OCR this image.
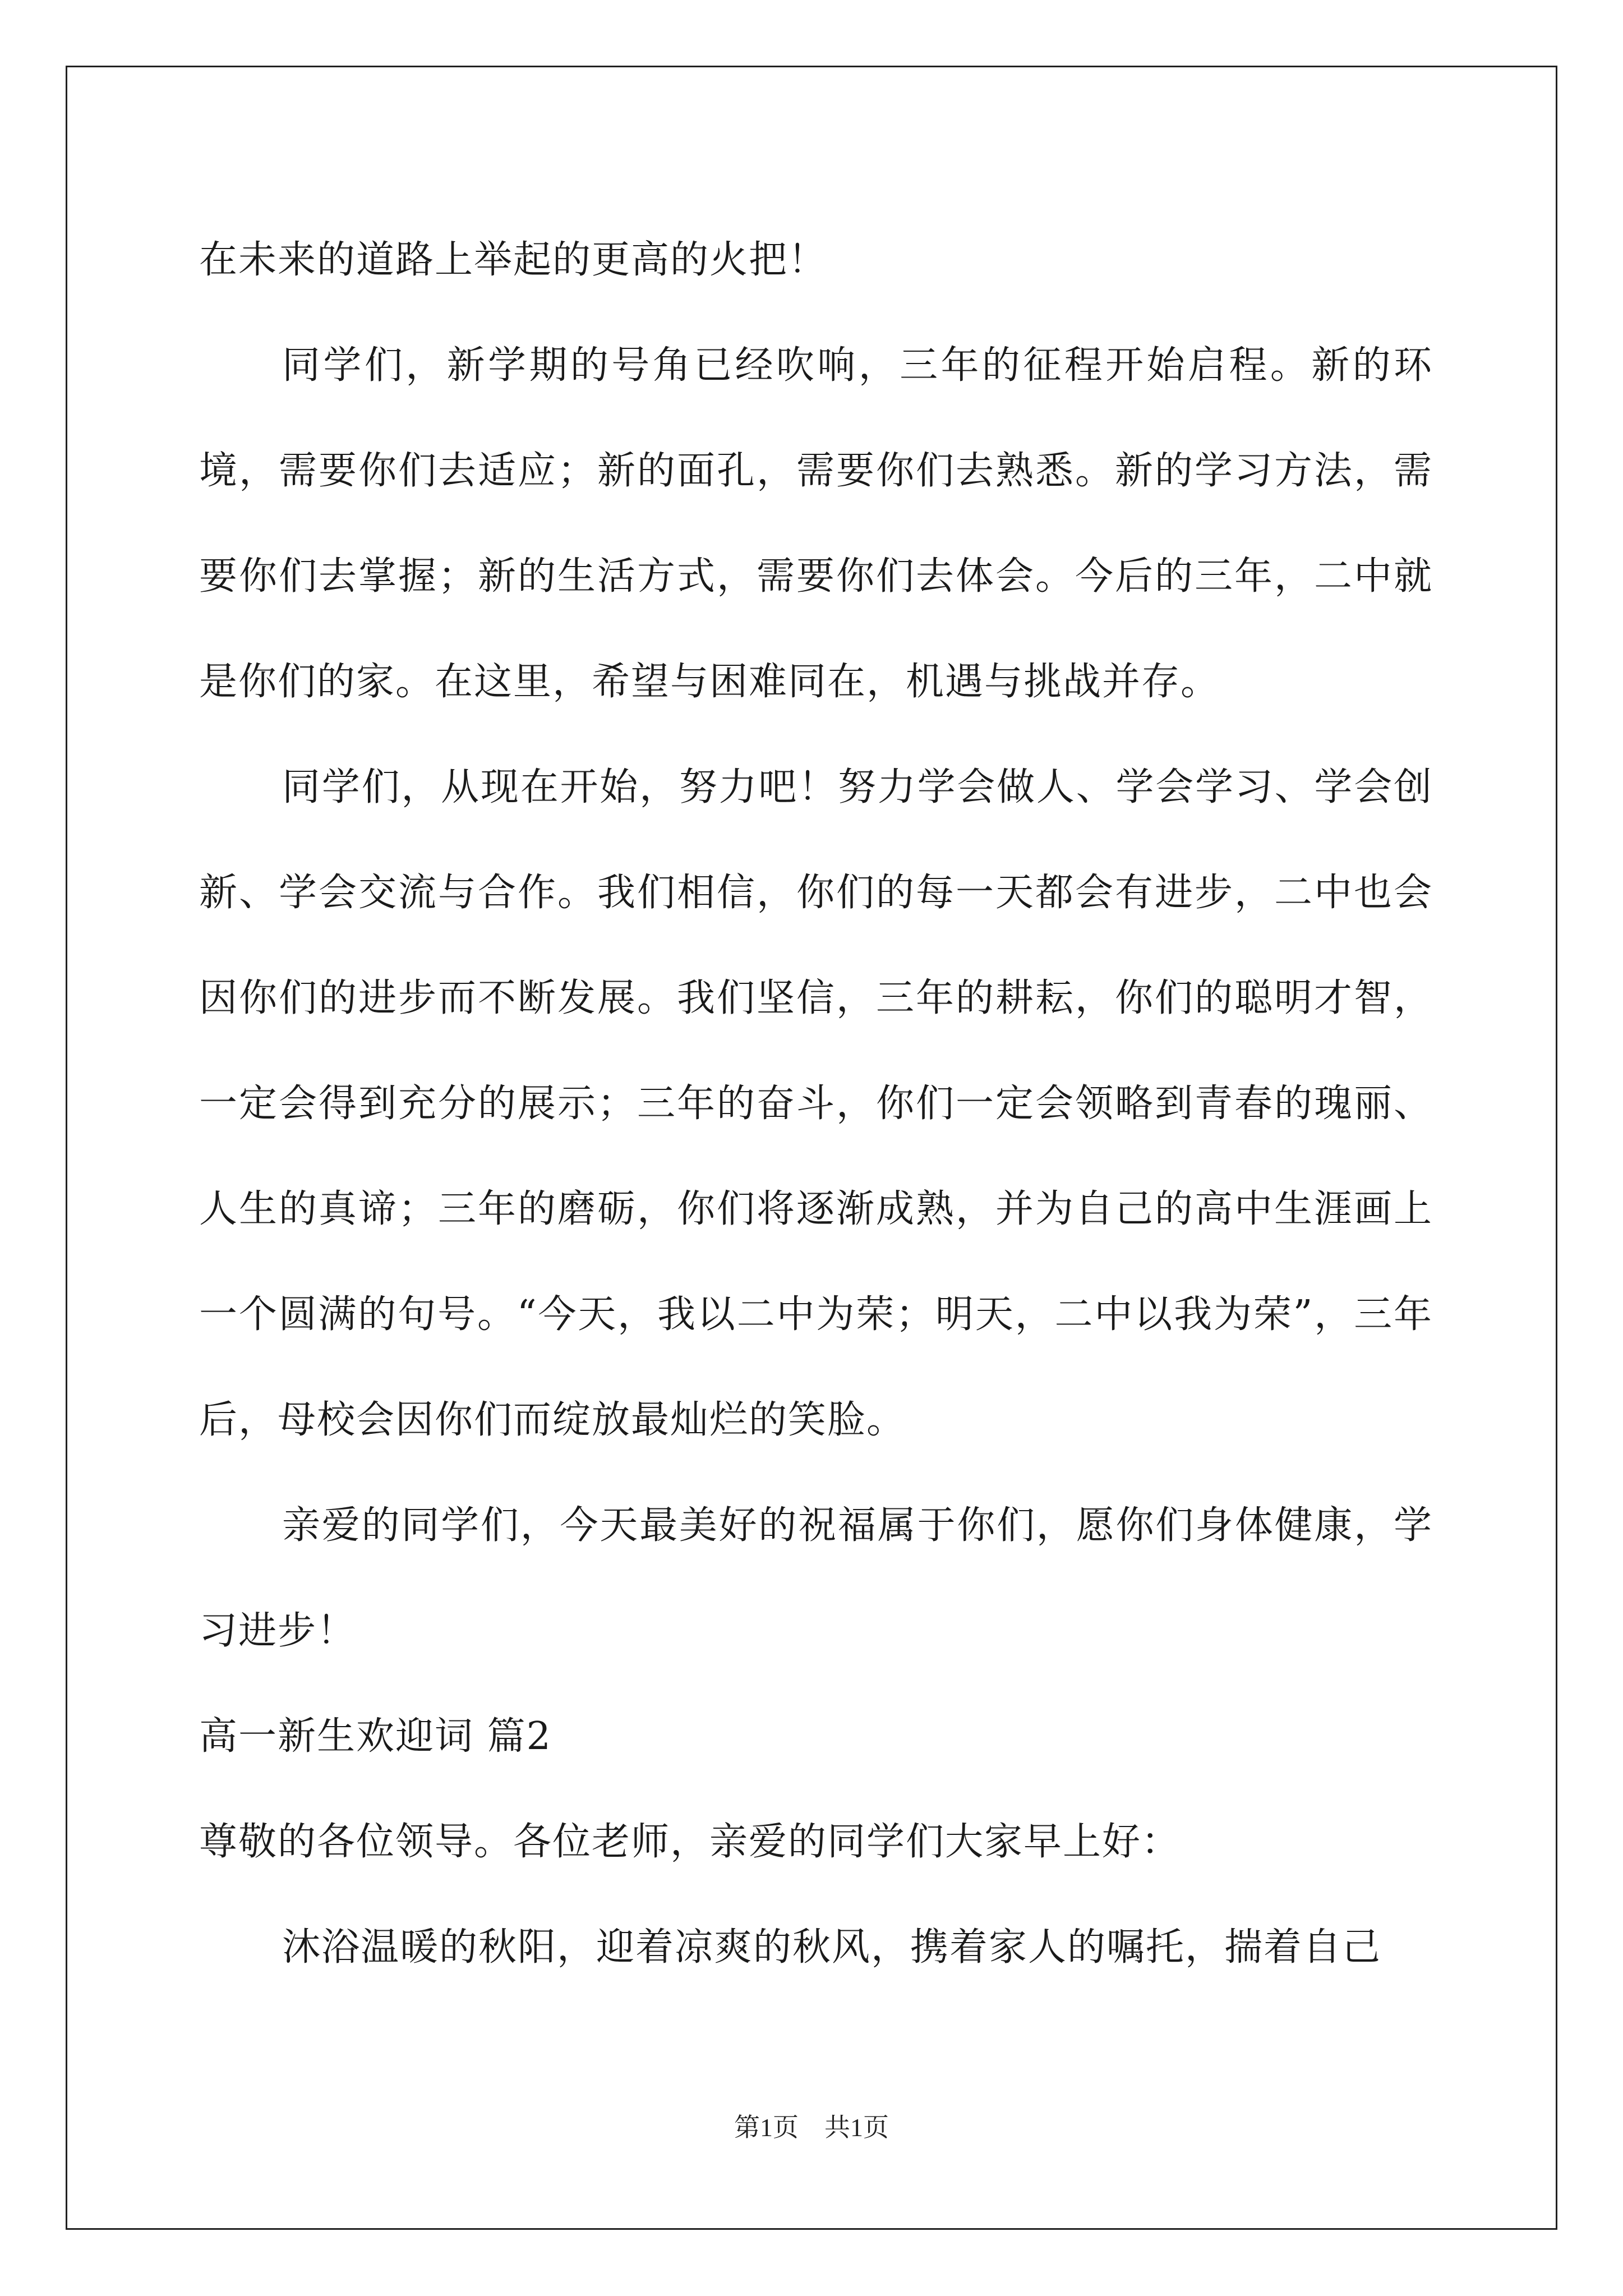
在未来的道路上举起的更高的火把！

同学们，新学期的号角已经吹响，三年的征程开始启程。新的环境，需要你们去适应；新的面孔，需要你们去熟悉。新的学习方法，需要你们去掌握；新的生活方式，需要你们去体会。今后的三年，二中就是你们的家。在这里，希望与困难同在，机遇与挑战并存。

同学们，从现在开始，努力吧！努力学会做人、学会学习、学会创新、学会交流与合作。我们相信，你们的每一天都会有进步，二中也会因你们的进步而不断发展。我们坚信，三年的耕耘，你们的聪明才智，一定会得到充分的展示；三年的奋斗，你们一定会领略到青春的瑰丽、人生的真谛；三年的磨砺，你们将逐渐成熟，并为自己的高中生涯画上一个圆满的句号。“今天，我以二中为荣；明天，二中以我为荣”，三年后，母校会因你们而绽放最灿烂的笑脸。

亲爱的同学们，今天最美好的祝福属于你们，愿你们身体健康，学习进步！

高一新生欢迎词 篇2

尊敬的各位领导。各位老师，亲爱的同学们大家早上好：

沐浴温暖的秋阳，迎着凉爽的秋风，携着家人的嘱托，揣着自己

第1页　共1页
